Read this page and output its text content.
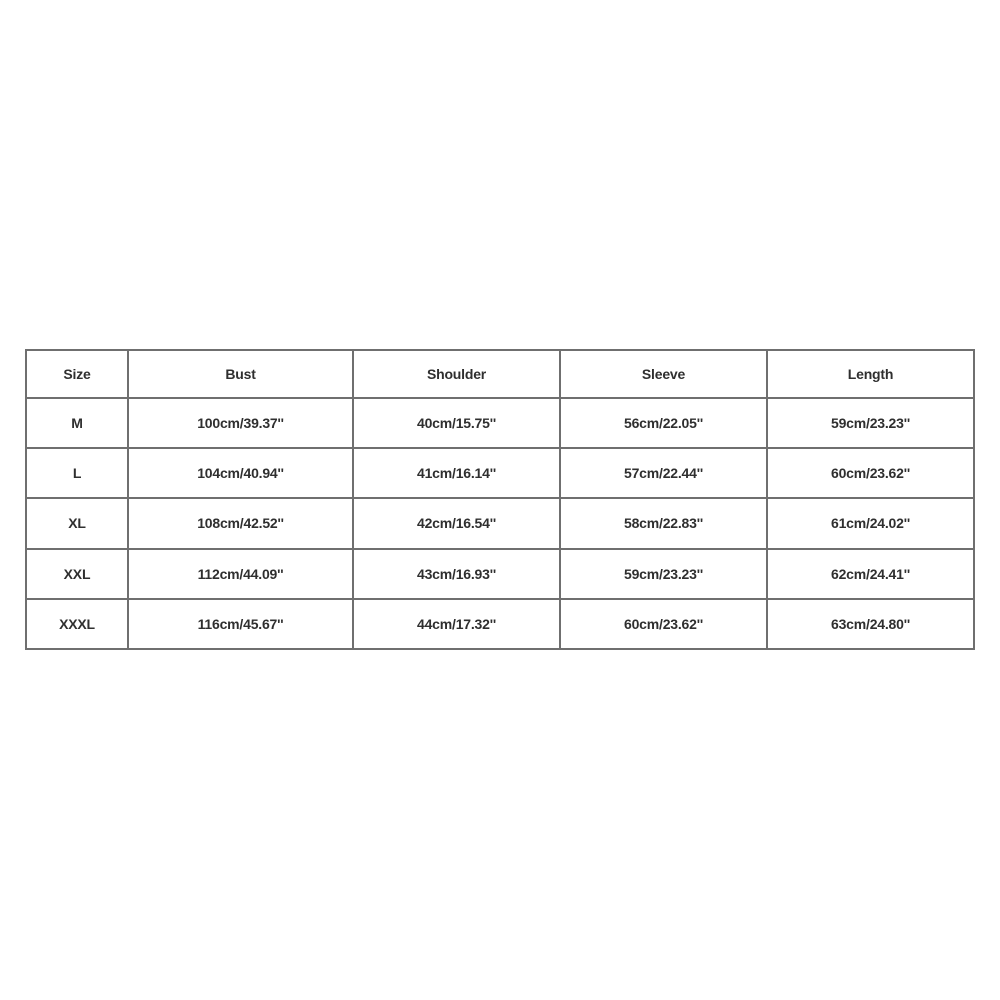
Size	Bust	Shoulder	Sleeve	Length
M	100cm/39.37''	40cm/15.75''	56cm/22.05''	59cm/23.23''
L	104cm/40.94''	41cm/16.14''	57cm/22.44''	60cm/23.62''
XL	108cm/42.52''	42cm/16.54''	58cm/22.83''	61cm/24.02''
XXL	112cm/44.09''	43cm/16.93''	59cm/23.23''	62cm/24.41''
XXXL	116cm/45.67''	44cm/17.32''	60cm/23.62''	63cm/24.80''
